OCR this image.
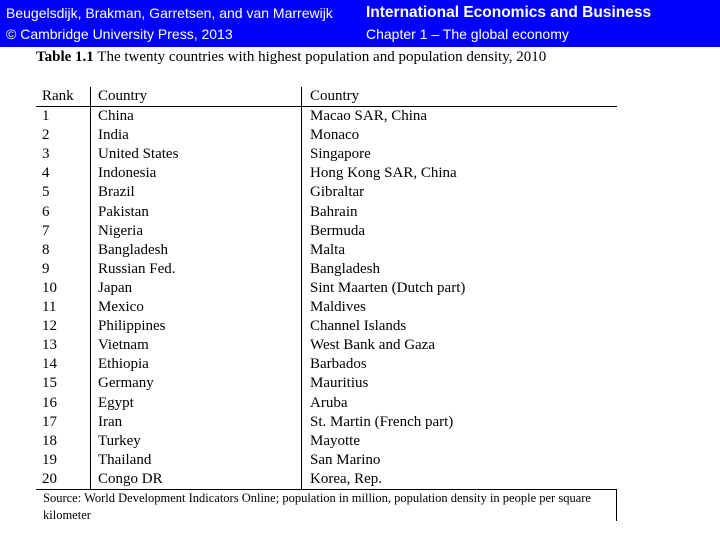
Beugelsdijk, Brakman, Garretsen, and van Marrewijk
© Cambridge University Press, 2013
International Economics and Business
Chapter 1 – The global economy
Table 1.1 The twenty countries with highest population and population density, 2010
Rank Country	Country
1	China	Macao SAR, China
2	India	Monaco
3	United States	Singapore
4	Indonesia	Hong Kong SAR, China
5	Brazil	Gibraltar
6	Pakistan	Bahrain
7	Nigeria	Bermuda
8	Bangladesh	Malta
9	Russian Fed.	Bangladesh
10	Japan	Sint Maarten (Dutch part)
11	Mexico	Maldives
12	Philippines	Channel Islands
13	Vietnam	West Bank and Gaza
14	Ethiopia	Barbados
15	Germany	Mauritius
16	Egypt	Aruba
17	Iran	St. Martin (French part)
18	Turkey	Mayotte
19	Thailand	San Marino
20	Congo DR	Korea, Rep.
Source: World Development Indicators Online; population in million, population density in people per square kilometer
